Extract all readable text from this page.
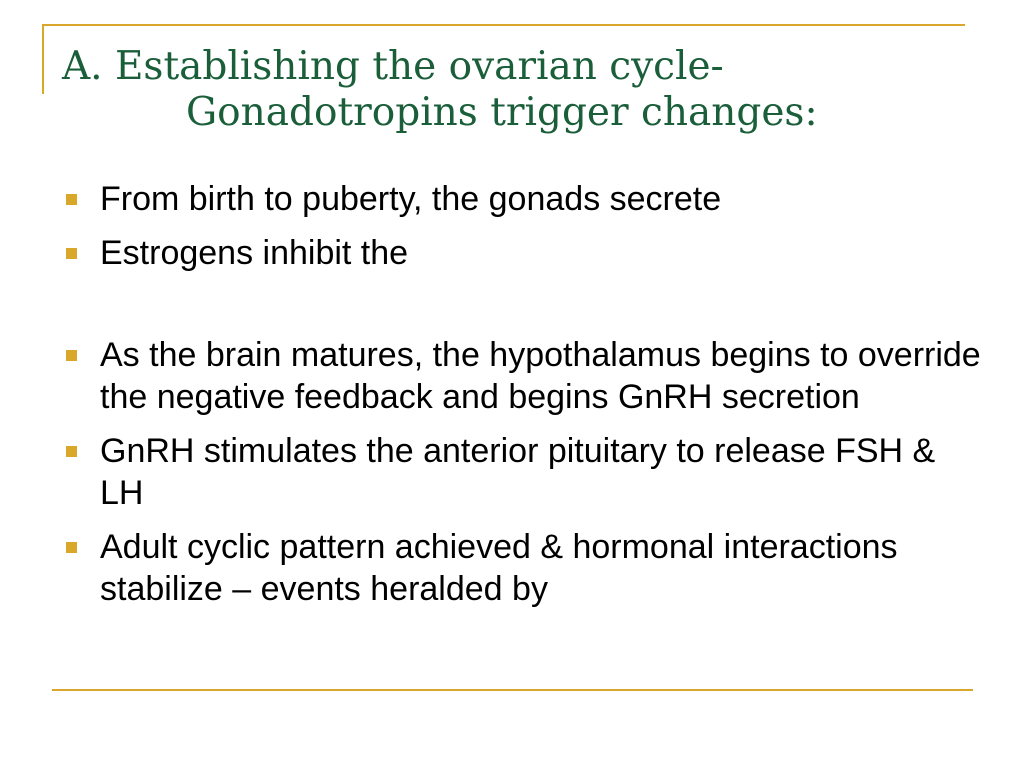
A. Establishing the ovarian cycle-
Gonadotropins trigger changes:
From birth to puberty, the gonads secrete
Estrogens inhibit the
As the brain matures, the hypothalamus begins to override the negative feedback and begins GnRH secretion
GnRH stimulates the anterior pituitary to release FSH & LH
Adult cyclic pattern achieved & hormonal interactions stabilize – events heralded by
